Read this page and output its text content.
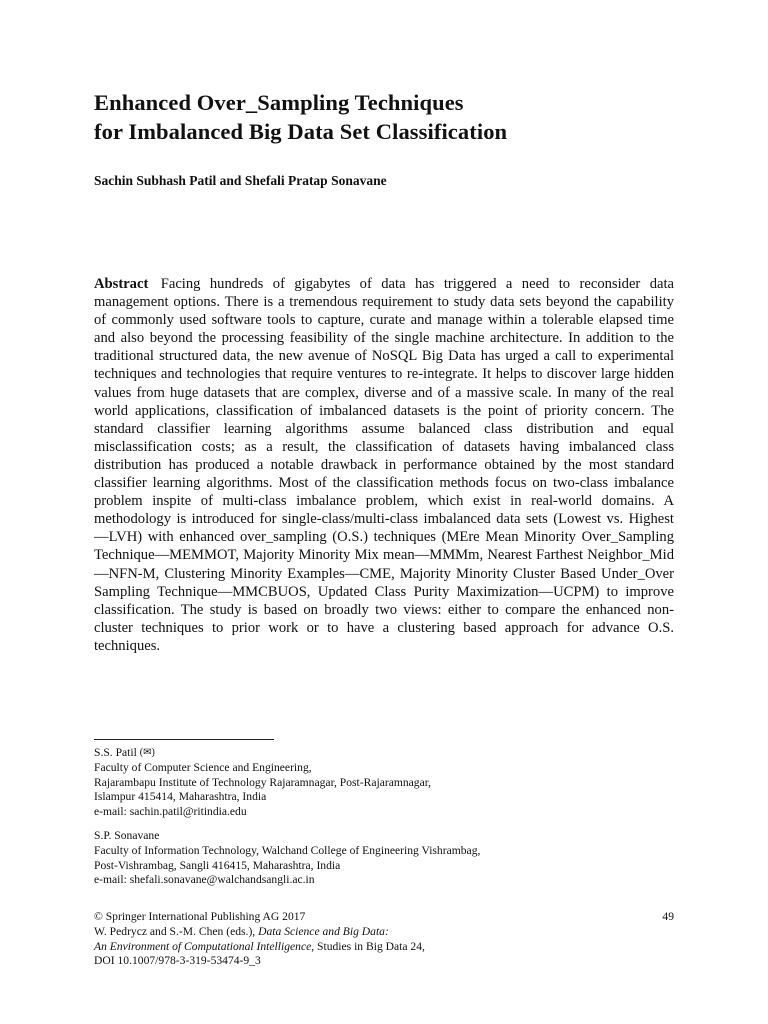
Enhanced Over_Sampling Techniques
for Imbalanced Big Data Set Classification
Sachin Subhash Patil and Shefali Pratap Sonavane
Abstract Facing hundreds of gigabytes of data has triggered a need to reconsider data management options. There is a tremendous requirement to study data sets beyond the capability of commonly used software tools to capture, curate and manage within a tolerable elapsed time and also beyond the processing feasibility of the single machine architecture. In addition to the traditional structured data, the new avenue of NoSQL Big Data has urged a call to experimental techniques and technologies that require ventures to re-integrate. It helps to discover large hidden values from huge datasets that are complex, diverse and of a massive scale. In many of the real world applications, classification of imbalanced datasets is the point of priority concern. The standard classifier learning algorithms assume balanced class distribution and equal misclassification costs; as a result, the classification of datasets having imbalanced class distribution has produced a notable drawback in performance obtained by the most standard classifier learning algorithms. Most of the classification methods focus on two-class imbalance problem inspite of multi-class imbalance problem, which exist in real-world domains. A methodology is introduced for single-class/multi-class imbalanced data sets (Lowest vs. Highest —LVH) with enhanced over_sampling (O.S.) techniques (MEre Mean Minority Over_Sampling Technique—MEMMOT, Majority Minority Mix mean—MMMm, Nearest Farthest Neighbor_Mid—NFN-M, Clustering Minority Examples—CME, Majority Minority Cluster Based Under_Over Sampling Technique—MMCBUOS, Updated Class Purity Maximization—UCPM) to improve classification. The study is based on broadly two views: either to compare the enhanced non-cluster techniques to prior work or to have a clustering based approach for advance O.S. techniques.
S.S. Patil (✉)
Faculty of Computer Science and Engineering,
Rajarambapu Institute of Technology Rajaramnagar, Post-Rajaramnagar,
Islampur 415414, Maharashtra, India
e-mail: sachin.patil@ritindia.edu
S.P. Sonavane
Faculty of Information Technology, Walchand College of Engineering Vishrambag,
Post-Vishrambag, Sangli 416415, Maharashtra, India
e-mail: shefali.sonavane@walchandsangli.ac.in
49
© Springer International Publishing AG 2017
W. Pedrycz and S.-M. Chen (eds.), Data Science and Big Data:
An Environment of Computational Intelligence, Studies in Big Data 24,
DOI 10.1007/978-3-319-53474-9_3
